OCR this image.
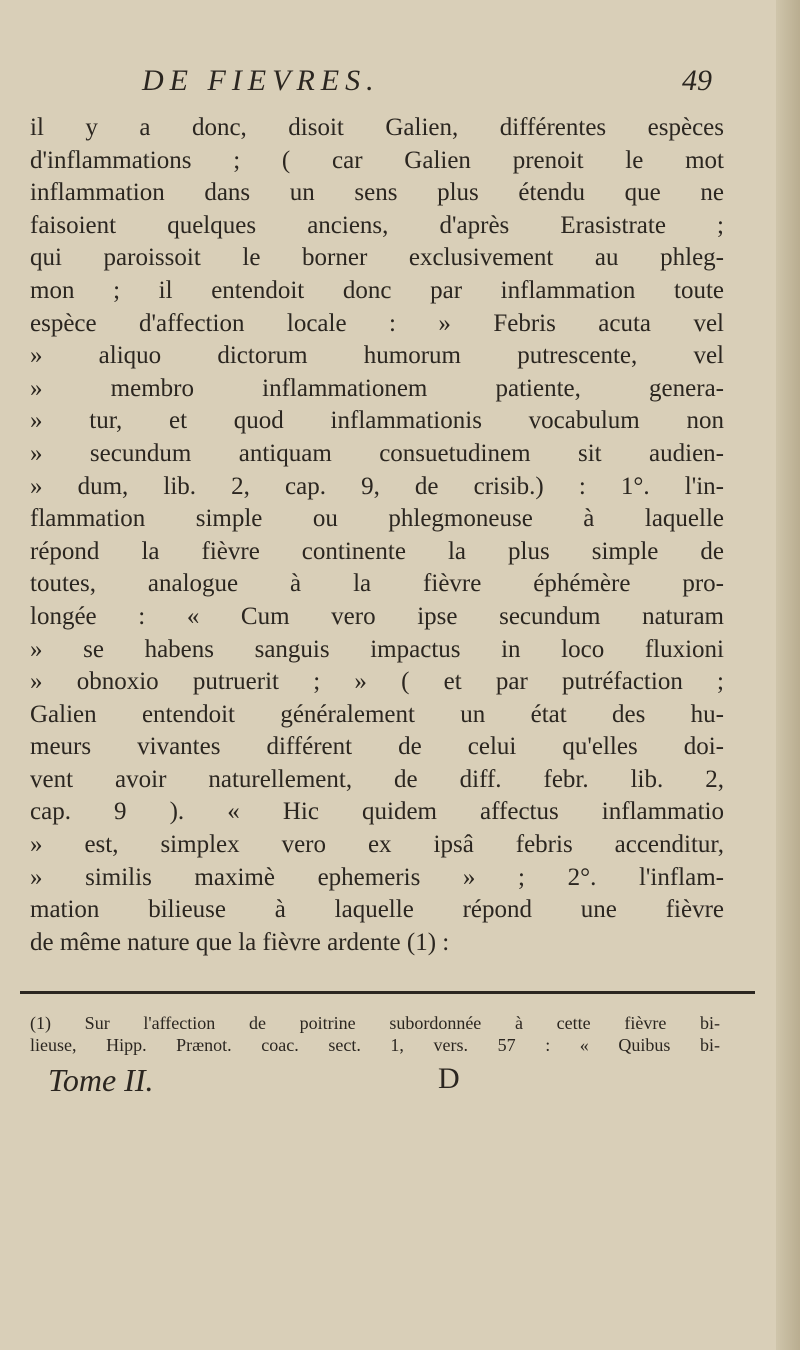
DE FIEVRES.	49
il y a donc, disoit Galien, différentes espèces
d'inflammations ; ( car Galien prenoit le mot
inflammation dans un sens plus étendu que ne
faisoient quelques anciens, d'après Erasistrate ;
qui paroissoit le borner exclusivement au phleg-
mon ; il entendoit donc par inflammation toute
espèce d'affection locale : » Febris acuta vel
» aliquo dictorum humorum putrescente, vel
» membro inflammationem patiente, genera-
» tur, et quod inflammationis vocabulum non
» secundum antiquam consuetudinem sit audien-
» dum, lib. 2, cap. 9, de crisib.) : 1°. l'in-
flammation simple ou phlegmoneuse à laquelle
répond la fièvre continente la plus simple de
toutes, analogue à la fièvre éphémère pro-
longée : « Cum vero ipse secundum naturam
» se habens sanguis impactus in loco fluxioni
» obnoxio putruerit ; » ( et par putréfaction ;
Galien entendoit généralement un état des hu-
meurs vivantes différent de celui qu'elles doi-
vent avoir naturellement, de diff. febr. lib. 2,
cap. 9 ). « Hic quidem affectus inflammatio
» est, simplex vero ex ipsâ febris accenditur,
» similis maximè ephemeris » ; 2°. l'inflam-
mation bilieuse à laquelle répond une fièvre
de même nature que la fièvre ardente (1) :
(1) Sur l'affection de poitrine subordonnée à cette fièvre bi-
lieuse, Hipp. Prænot. coac. sect. 1, vers. 57 : « Quibus bi-
Tome II.	D
